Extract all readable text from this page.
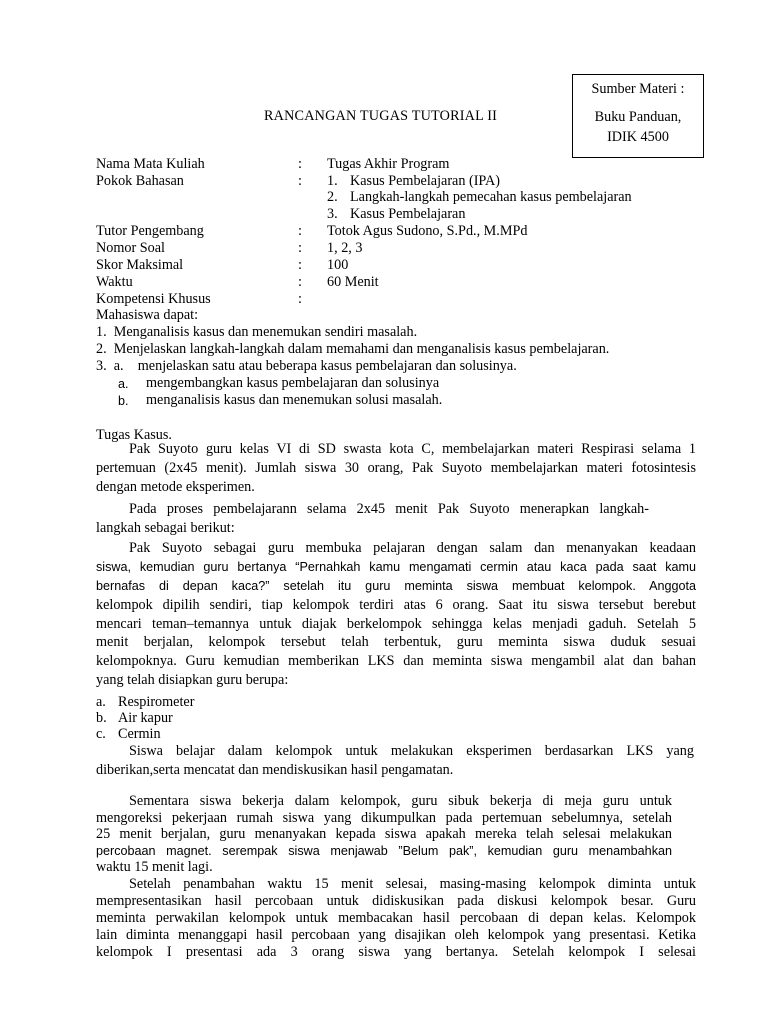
Sumber Materi :
Buku Panduan,
IDIK 4500
RANCANGAN TUGAS TUTORIAL II
Nama Mata Kuliah	: Tugas Akhir Program
Pokok Bahasan	: 1. Kasus Pembelajaran (IPA)
2. Langkah-langkah pemecahan kasus pembelajaran
3. Kasus Pembelajaran
Tutor Pengembang	: Totok Agus Sudono, S.Pd., M.MPd
Nomor Soal	: 1, 2, 3
Skor Maksimal	: 100
Waktu	: 60 Menit
Kompetensi Khusus	:
Mahasiswa dapat:
1.  Menganalisis kasus dan menemukan sendiri masalah.
2.  Menjelaskan langkah-langkah dalam memahami dan menganalisis kasus pembelajaran.
3.  a.    menjelaskan satu atau beberapa kasus pembelajaran dan solusinya.
a. mengembangkan kasus pembelajaran dan solusinya
b. menganalisis kasus dan menemukan solusi masalah.
Tugas Kasus.
Pak Suyoto guru kelas VI di SD swasta kota C, membelajarkan materi Respirasi selama 1
pertemuan (2x45 menit). Jumlah siswa 30 orang, Pak Suyoto membelajarkan materi fotosintesis
dengan metode eksperimen.
Pada proses pembelajarann selama 2x45 menit Pak Suyoto menerapkan langkah-
langkah sebagai berikut:
Pak Suyoto sebagai guru membuka pelajaran dengan salam dan menanyakan keadaan
siswa, kemudian guru bertanya “Pernahkah kamu mengamati cermin atau kaca pada saat kamu
bernafas di depan kaca?” setelah itu guru meminta siswa membuat kelompok. Anggota
kelompok dipilih sendiri, tiap kelompok terdiri atas 6 orang. Saat itu siswa tersebut berebut
mencari teman–temannya untuk diajak berkelompok sehingga kelas menjadi gaduh. Setelah 5
menit berjalan, kelompok tersebut telah terbentuk, guru meminta siswa duduk sesuai
kelompoknya. Guru kemudian memberikan LKS dan meminta siswa mengambil alat dan bahan
yang telah disiapkan guru berupa:
a. Respirometer
b. Air kapur
c. Cermin
Siswa belajar dalam kelompok untuk melakukan eksperimen berdasarkan LKS yang
diberikan,serta mencatat dan mendiskusikan hasil pengamatan.
Sementara siswa bekerja dalam kelompok, guru sibuk bekerja di meja guru untuk
mengoreksi pekerjaan rumah siswa yang dikumpulkan pada pertemuan sebelumnya, setelah
25 menit berjalan, guru menanyakan kepada siswa apakah mereka telah selesai melakukan
percobaan magnet. serempak siswa menjawab ”Belum pak”, kemudian guru menambahkan
waktu 15 menit lagi.
Setelah penambahan waktu 15 menit selesai, masing-masing kelompok diminta untuk
mempresentasikan hasil percobaan untuk didiskusikan pada diskusi kelompok besar. Guru
meminta perwakilan kelompok untuk membacakan hasil percobaan di depan kelas. Kelompok
lain diminta menanggapi hasil percobaan yang disajikan oleh kelompok yang presentasi. Ketika
kelompok I presentasi ada 3 orang siswa yang bertanya. Setelah kelompok I selesai
